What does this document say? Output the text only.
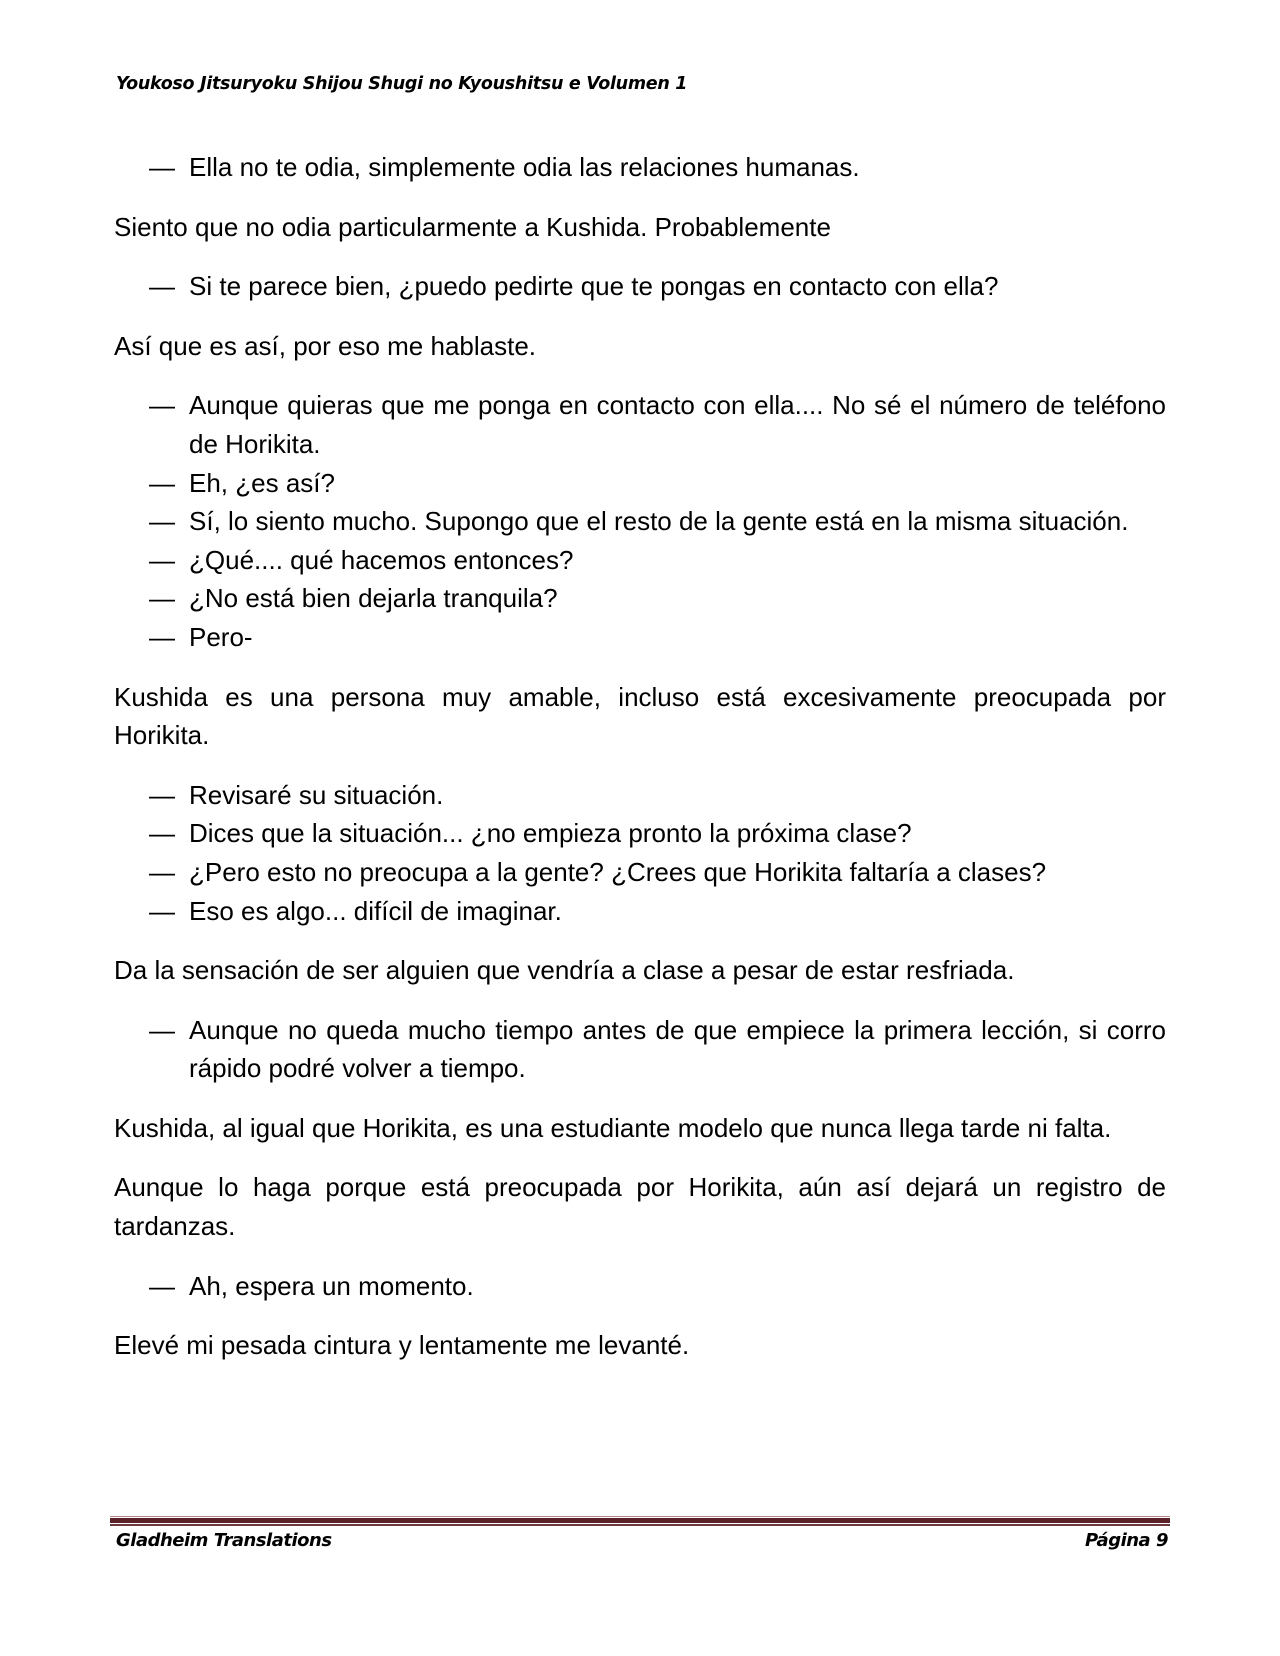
Youkoso Jitsuryoku Shijou Shugi no Kyoushitsu e Volumen 1

— Ella no te odia, simplemente odia las relaciones humanas.

Siento que no odia particularmente a Kushida. Probablemente

— Si te parece bien, ¿puedo pedirte que te pongas en contacto con ella?

Así que es así, por eso me hablaste.

— Aunque quieras que me ponga en contacto con ella.... No sé el número de teléfono de Horikita.

— Eh, ¿es así?

— Sí, lo siento mucho. Supongo que el resto de la gente está en la misma situación.

— ¿Qué.... qué hacemos entonces?

— ¿No está bien dejarla tranquila?

— Pero-

Kushida es una persona muy amable, incluso está excesivamente preocupada por Horikita.

— Revisaré su situación.

— Dices que la situación... ¿no empieza pronto la próxima clase?

— ¿Pero esto no preocupa a la gente? ¿Crees que Horikita faltaría a clases?

— Eso es algo... difícil de imaginar.

Da la sensación de ser alguien que vendría a clase a pesar de estar resfriada.

— Aunque no queda mucho tiempo antes de que empiece la primera lección, si corro rápido podré volver a tiempo.

Kushida, al igual que Horikita, es una estudiante modelo que nunca llega tarde ni falta.

Aunque lo haga porque está preocupada por Horikita, aún así dejará un registro de tardanzas.

— Ah, espera un momento.

Elevé mi pesada cintura y lentamente me levanté.

Gladheim Translations	Página 9
